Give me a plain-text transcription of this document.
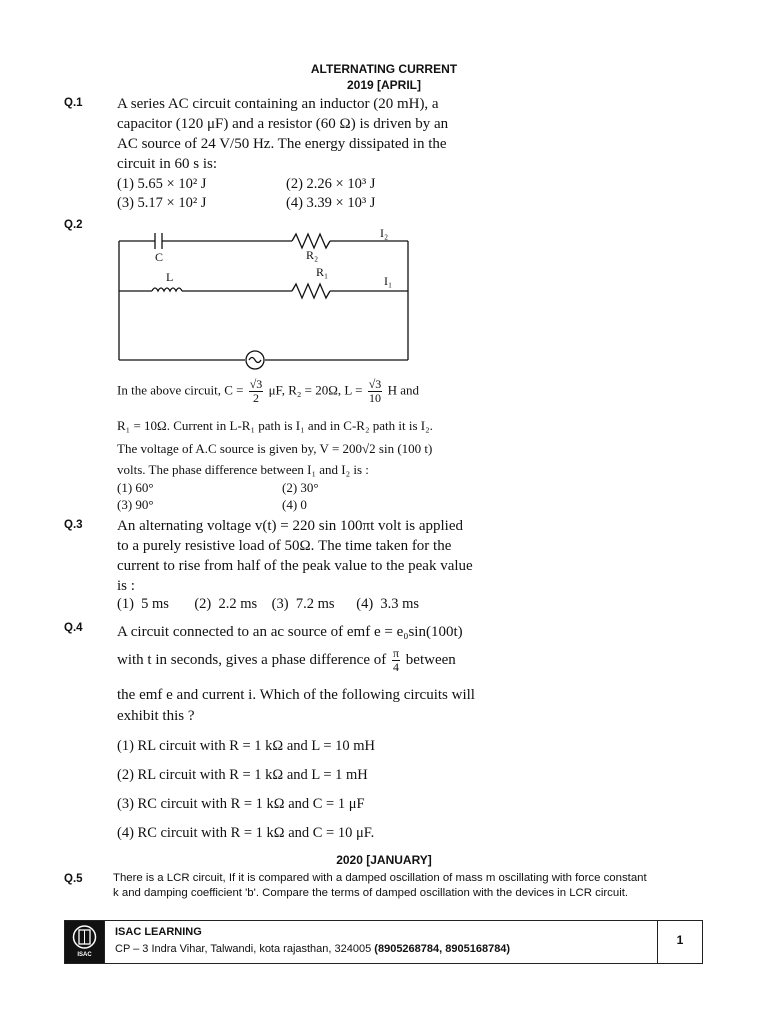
ALTERNATING CURRENT
2019 [APRIL]
Q.1 A series AC circuit containing an inductor (20 mH), a
capacitor (120 μF) and a resistor (60 Ω) is driven by an
AC source of 24 V/50 Hz. The energy dissipated in the
circuit in 60 s is:
(1) 5.65 × 10² J	(2) 2.26 × 10³ J
(3) 5.17 × 10² J	(4) 3.39 × 10³ J
Q.2
C	R₂
I₂
L	R₁
I₁
In the above circuit, $C = \frac{√3}{2} \mu F$, R₂ = 20Ω, $L = \frac{√3}{10}$ H and
R₁ = 10Ω. Current in L-R₁ path is I₁ and in C-R₂ path it is I₂.
The voltage of A.C source is given by, V = 200√2 sin (100 t)
volts. The phase difference between I₁ and I₂ is :
(1) 60°	(2) 30°
(3) 90°	(4) 0
Q.3 An alternating voltage v(t) = 220 sin 100πt volt is applied
to a purely resistive load of 50Ω. The time taken for the
current to rise from half of the peak value to the peak value
is :
(1)  5 ms       (2)  2.2 ms    (3)  7.2 ms      (4)  3.3 ms
Q.4 A circuit connected to an ac source of emf e = e₀sin(100t)
with t in seconds, gives a phase difference of $\frac{\pi}{4}$ between
the emf e and current i. Which of the following circuits will
exhibit this ?
(1) RL circuit with R = 1 kΩ and L = 10 mH
(2) RL circuit with R = 1 kΩ and L = 1 mH
(3) RC circuit with R = 1 kΩ and C = 1 μF
(4) RC circuit with R = 1 kΩ and C = 10 μF.
2020 [JANUARY]
Q.5	There is a LCR circuit, If it is compared with a damped oscillation of mass m oscillating with force constant
k and damping coefficient 'b'. Compare the terms of damped oscillation with the devices in LCR circuit.
ISAC
ISAC LEARNING
CP – 3 Indra Vihar, Talwandi, kota rajasthan, 324005 (8905268784, 8905168784)
1
